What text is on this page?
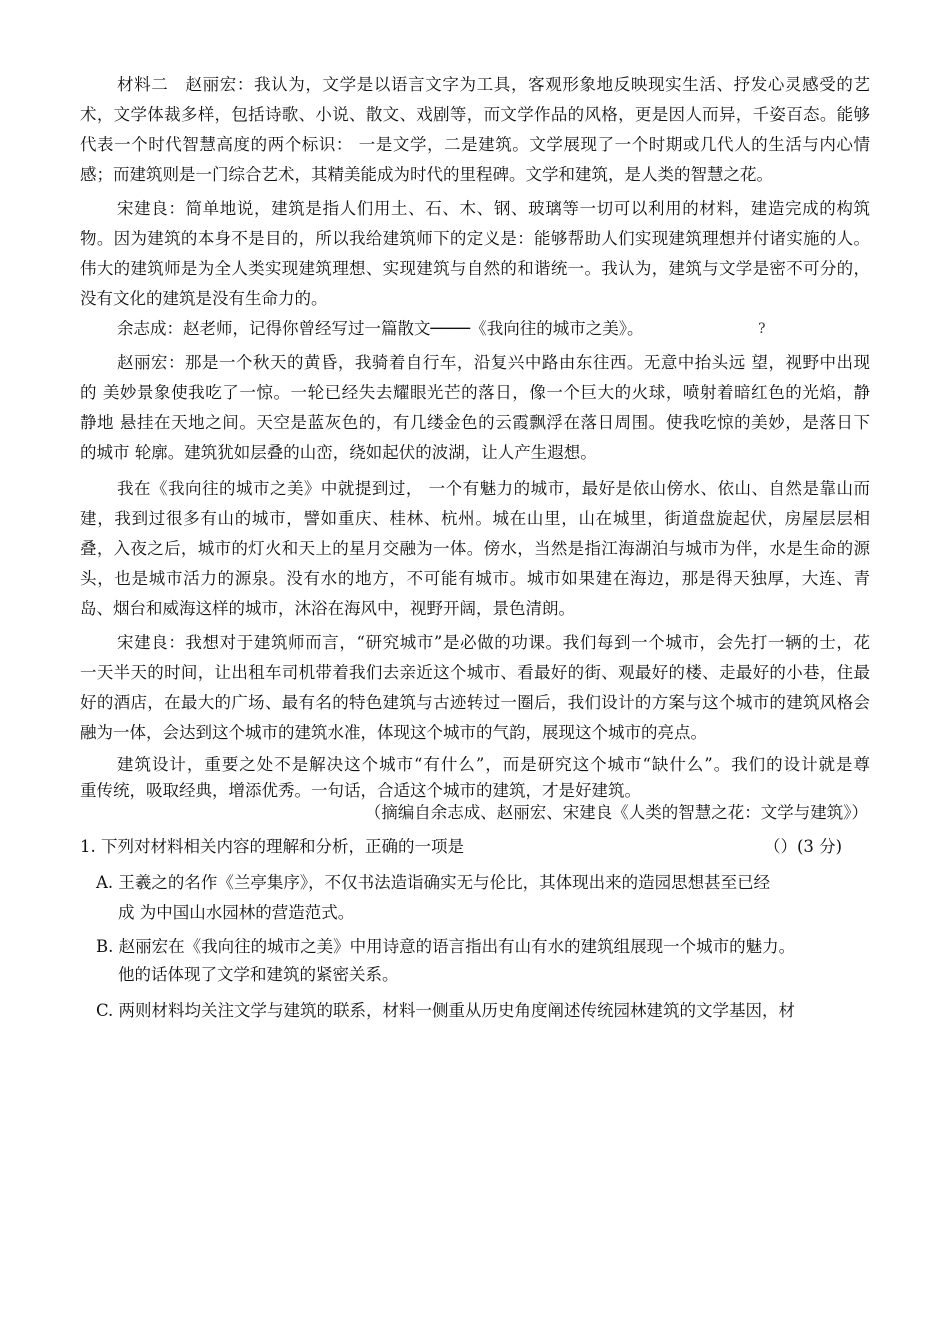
材料二　赵丽宏：我认为，文学是以语言文字为工具，客观形象地反映现实生活、抒发心灵感受的艺
术，文学体裁多样，包括诗歌、小说、散文、戏剧等，而文学作品的风格，更是因人而异，千姿百态。能够
代表一个时代智慧高度的两个标识： 一是文学，二是建筑。文学展现了一个时期或几代人的生活与内心情
感；而建筑则是一门综合艺术，其精美能成为时代的里程碑。文学和建筑，是人类的智慧之花。
宋建良：简单地说，建筑是指人们用土、石、木、钢、玻璃等一切可以利用的材料，建造完成的构筑
物。因为建筑的本身不是目的，所以我给建筑师下的定义是：能够帮助人们实现建筑理想并付诸实施的人。
伟大的建筑师是为全人类实现建筑理想、实现建筑与自然的和谐统一。我认为，建筑与文学是密不可分的，
没有文化的建筑是没有生命力的。
余志成：赵老师，记得你曾经写过一篇散文────《我向往的城市之美》。	?
赵丽宏：那是一个秋天的黄昏，我骑着自行车，沿复兴中路由东往西。无意中抬头远 望，视野中出现
的 美妙景象使我吃了一惊。一轮已经失去耀眼光芒的落日，像一个巨大的火球，喷射着暗红色的光焰，静
静地 悬挂在天地之间。天空是蓝灰色的，有几缕金色的云霞飘浮在落日周围。使我吃惊的美妙，是落日下
的城市 轮廓。建筑犹如层叠的山峦，绕如起伏的波湖，让人产生遐想。
我在《我向往的城市之美》中就提到过， 一个有魅力的城市，最好是依山傍水、依山、自然是靠山而
建，我到过很多有山的城市，譬如重庆、桂林、杭州。城在山里，山在城里，街道盘旋起伏，房屋层层相
叠，入夜之后，城市的灯火和天上的星月交融为一体。傍水，当然是指江海湖泊与城市为伴，水是生命的源
头，也是城市活力的源泉。没有水的地方，不可能有城市。城市如果建在海边，那是得天独厚，大连、青
岛、烟台和威海这样的城市，沐浴在海风中，视野开阔，景色清朗。
宋建良：我想对于建筑师而言，“研究城市”是必做的功课。我们每到一个城市，会先打一辆的士，花
一天半天的时间，让出租车司机带着我们去亲近这个城市、看最好的街、观最好的楼、走最好的小巷，住最
好的酒店，在最大的广场、最有名的特色建筑与古迹转过一圈后，我们设计的方案与这个城市的建筑风格会
融为一体，会达到这个城市的建筑水准，体现这个城市的气韵，展现这个城市的亮点。
建筑设计，重要之处不是解决这个城市“有什么”，而是研究这个城市“缺什么”。我们的设计就是尊
重传统，吸取经典，增添优秀。一句话，合适这个城市的建筑，才是好建筑。
（摘编自余志成、赵丽宏、宋建良《人类的智慧之花：文学与建筑》）
1. 下列对材料相关内容的理解和分析，正确的一项是	（）(3 分)
A. 王羲之的名作《兰亭集序》，不仅书法造诣确实无与伦比，其体现出来的造园思想甚至已经
成 为中国山水园林的营造范式。
B. 赵丽宏在《我向往的城市之美》中用诗意的语言指出有山有水的建筑组展现一个城市的魅力。
他的话体现了文学和建筑的紧密关系。
C. 两则材料均关注文学与建筑的联系，材料一侧重从历史角度阐述传统园林建筑的文学基因，材
